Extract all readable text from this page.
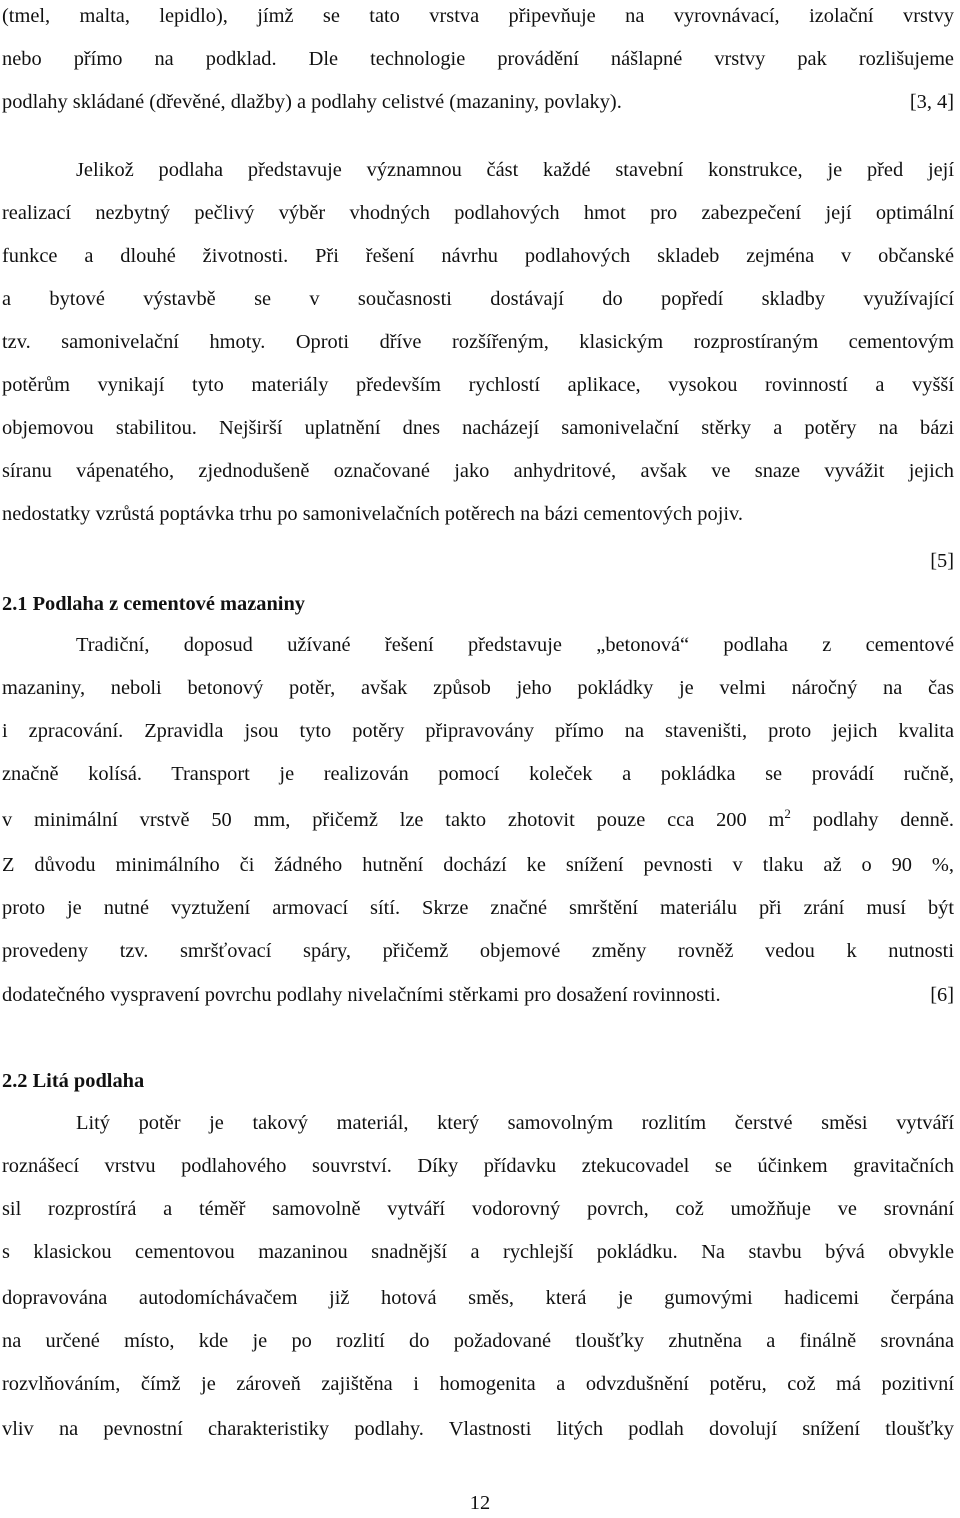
(tmel, malta, lepidlo), jímž se tato vrstva připevňuje na vyrovnávací, izolační vrstvy
nebo přímo na podklad. Dle technologie provádění nášlapné vrstvy pak rozlišujeme
podlahy skládané (dřevěné, dlažby) a podlahy celistvé (mazaniny, povlaky).	[3, 4]
Jelikož podlaha představuje významnou část každé stavební konstrukce, je před její
realizací nezbytný pečlivý výběr vhodných podlahových hmot pro zabezpečení její optimální
funkce a dlouhé životnosti. Při řešení návrhu podlahových skladeb zejména v občanské
a bytové výstavbě se v současnosti dostávají do popředí skladby využívající
tzv. samonivelační hmoty. Oproti dříve rozšířeným, klasickým rozprostíraným cementovým
potěrům vynikají tyto materiály především rychlostí aplikace, vysokou rovinností a vyšší
objemovou stabilitou. Nejširší uplatnění dnes nacházejí samonivelační stěrky a potěry na bázi
síranu vápenatého, zjednodušeně označované jako anhydritové, avšak ve snaze vyvážit jejich
nedostatky vzrůstá poptávka trhu po samonivelačních potěrech na bázi cementových pojiv.
[5]
2.1 Podlaha z cementové mazaniny
Tradiční, doposud užívané řešení představuje „betonová“ podlaha z cementové
mazaniny, neboli betonový potěr, avšak způsob jeho pokládky je velmi náročný na čas
i zpracování. Zpravidla jsou tyto potěry připravovány přímo na staveništi, proto jejich kvalita
značně kolísá. Transport je realizován pomocí koleček a pokládka se provádí ručně,
v minimální vrstvě 50 mm, přičemž lze takto zhotovit pouze cca 200 $m^2$ podlahy denně.
Z důvodu minimálního či žádného hutnění dochází ke snížení pevnosti v tlaku až o 90 %,
proto je nutné vyztužení armovací sítí. Skrze značné smrštění materiálu při zrání musí být
provedeny tzv. smršťovací spáry, přičemž objemové změny rovněž vedou k nutnosti
dodatečného vyspravení povrchu podlahy nivelačními stěrkami pro dosažení rovinnosti.	[6]
2.2 Litá podlaha
Litý potěr je takový materiál, který samovolným rozlitím čerstvé směsi vytváří
roznášecí vrstvu podlahového souvrství. Díky přídavku ztekucovadel se účinkem gravitačních
sil rozprostírá a téměř samovolně vytváří vodorovný povrch, což umožňuje ve srovnání
s klasickou cementovou mazaninou snadnější a rychlejší pokládku. Na stavbu bývá obvykle
dopravována autodomíchávačem již hotová směs, která je gumovými hadicemi čerpána
na určené místo, kde je po rozlití do požadované tloušťky zhutněna a finálně srovnána
rozvlňováním, čímž je zároveň zajištěna i homogenita a odvzdušnění potěru, což má pozitivní
vliv na pevnostní charakteristiky podlahy. Vlastnosti litých podlah dovolují snížení tloušťky
12
